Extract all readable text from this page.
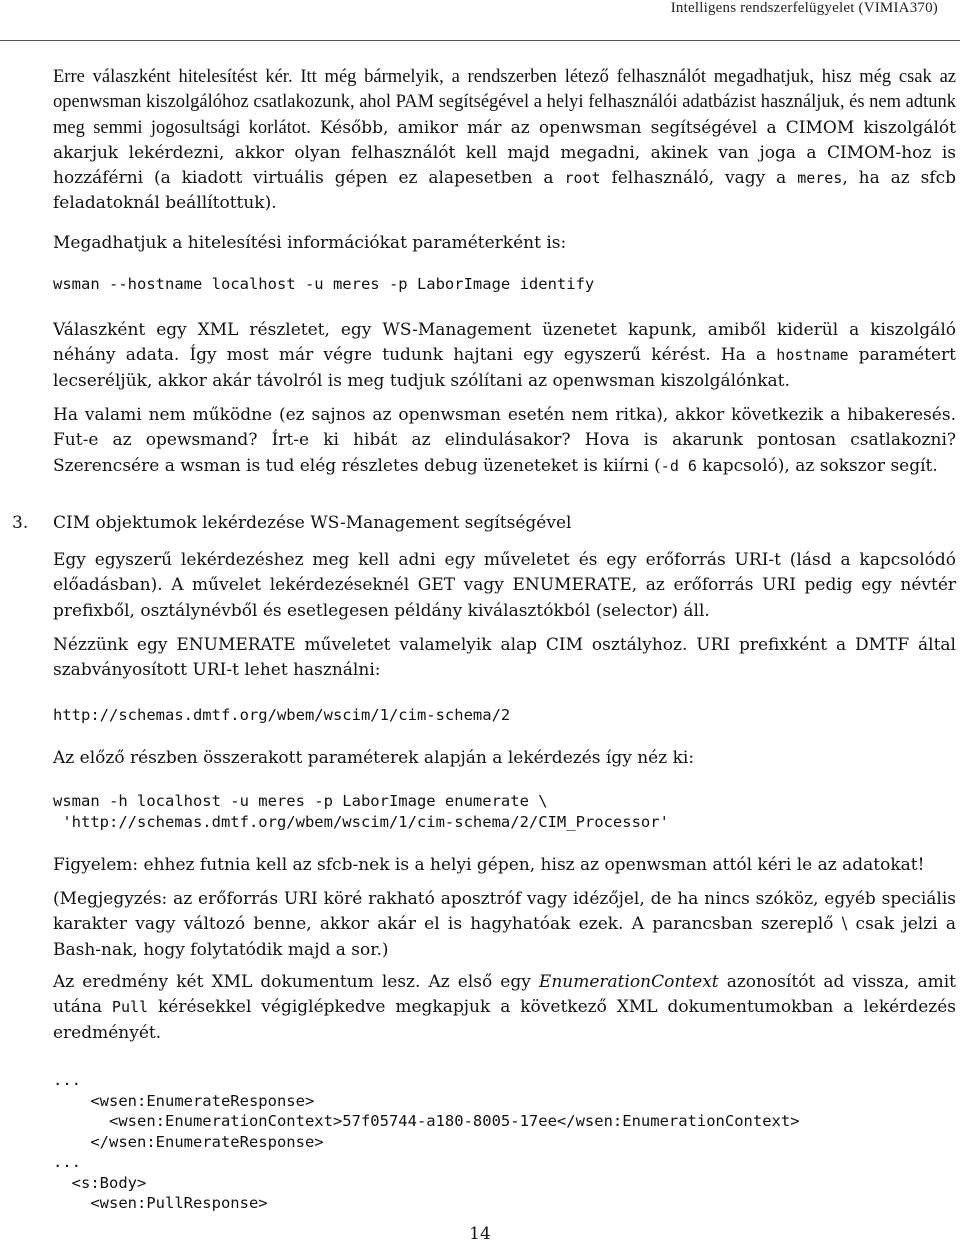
Intelligens rendszerfelügyelet (VIMIA370)

Erre válaszként hitelesítést kér. Itt még bármelyik, a rendszerben létező felhasználót megadhatjuk, hisz még csak az openwsman kiszolgálóhoz csatlakozunk, ahol PAM segítségével a helyi felhasználói adatbázist használjuk, és nem adtunk meg semmi jogosultsági korlátot. Később, amikor már az openwsman segítségével a CIMOM kiszolgálót akarjuk lekérdezni, akkor olyan felhasználót kell majd megadni, akinek van joga a CIMOM-hoz is hozzáférni (a kiadott virtuális gépen ez alapesetben a root felhasználó, vagy a meres, ha az sfcb feladatoknál beállítottuk).

Megadhatjuk a hitelesítési információkat paraméterként is:

wsman --hostname localhost -u meres -p LaborImage identify

Válaszként egy XML részletet, egy WS-Management üzenetet kapunk, amiből kiderül a kiszolgáló néhány adata. Így most már végre tudunk hajtani egy egyszerű kérést. Ha a hostname paramétert lecseréljük, akkor akár távolról is meg tudjuk szólítani az openwsman kiszolgálónkat.

Ha valami nem működne (ez sajnos az openwsman esetén nem ritka), akkor következik a hibakeresés. Fut-e az opewsmand? Írt-e ki hibát az elindulásakor? Hova is akarunk pontosan csatlakozni? Szerencsére a wsman is tud elég részletes debug üzeneteket is kiírni (-d 6 kapcsoló), az sokszor segít.

3. CIM objektumok lekérdezése WS-Management segítségével

Egy egyszerű lekérdezéshez meg kell adni egy műveletet és egy erőforrás URI-t (lásd a kapcsolódó előadásban). A művelet lekérdezéseknél GET vagy ENUMERATE, az erőforrás URI pedig egy névtér prefixből, osztálynévből és esetlegesen példány kiválasztókból (selector) áll.

Nézzünk egy ENUMERATE műveletet valamelyik alap CIM osztályhoz. URI prefixként a DMTF által szabványosított URI-t lehet használni:

http://schemas.dmtf.org/wbem/wscim/1/cim-schema/2

Az előző részben összerakott paraméterek alapján a lekérdezés így néz ki:

wsman -h localhost -u meres -p LaborImage enumerate \
'http://schemas.dmtf.org/wbem/wscim/1/cim-schema/2/CIM_Processor'

Figyelem: ehhez futnia kell az sfcb-nek is a helyi gépen, hisz az openwsman attól kéri le az adatokat!

(Megjegyzés: az erőforrás URI köré rakható aposztróf vagy idézőjel, de ha nincs szóköz, egyéb speciális karakter vagy változó benne, akkor akár el is hagyhatóak ezek. A parancsban szereplő \ csak jelzi a Bash-nak, hogy folytatódik majd a sor.)

Az eredmény két XML dokumentum lesz. Az első egy EnumerationContext azonosítót ad vissza, amit utána Pull kérésekkel végiglépkedve megkapjuk a következő XML dokumentumokban a lekérdezés eredményét.

...
<wsen:EnumerateResponse>
<wsen:EnumerationContext>57f05744-a180-8005-17ee</wsen:EnumerationContext>
</wsen:EnumerateResponse>
...
<s:Body>
<wsen:PullResponse>
14
